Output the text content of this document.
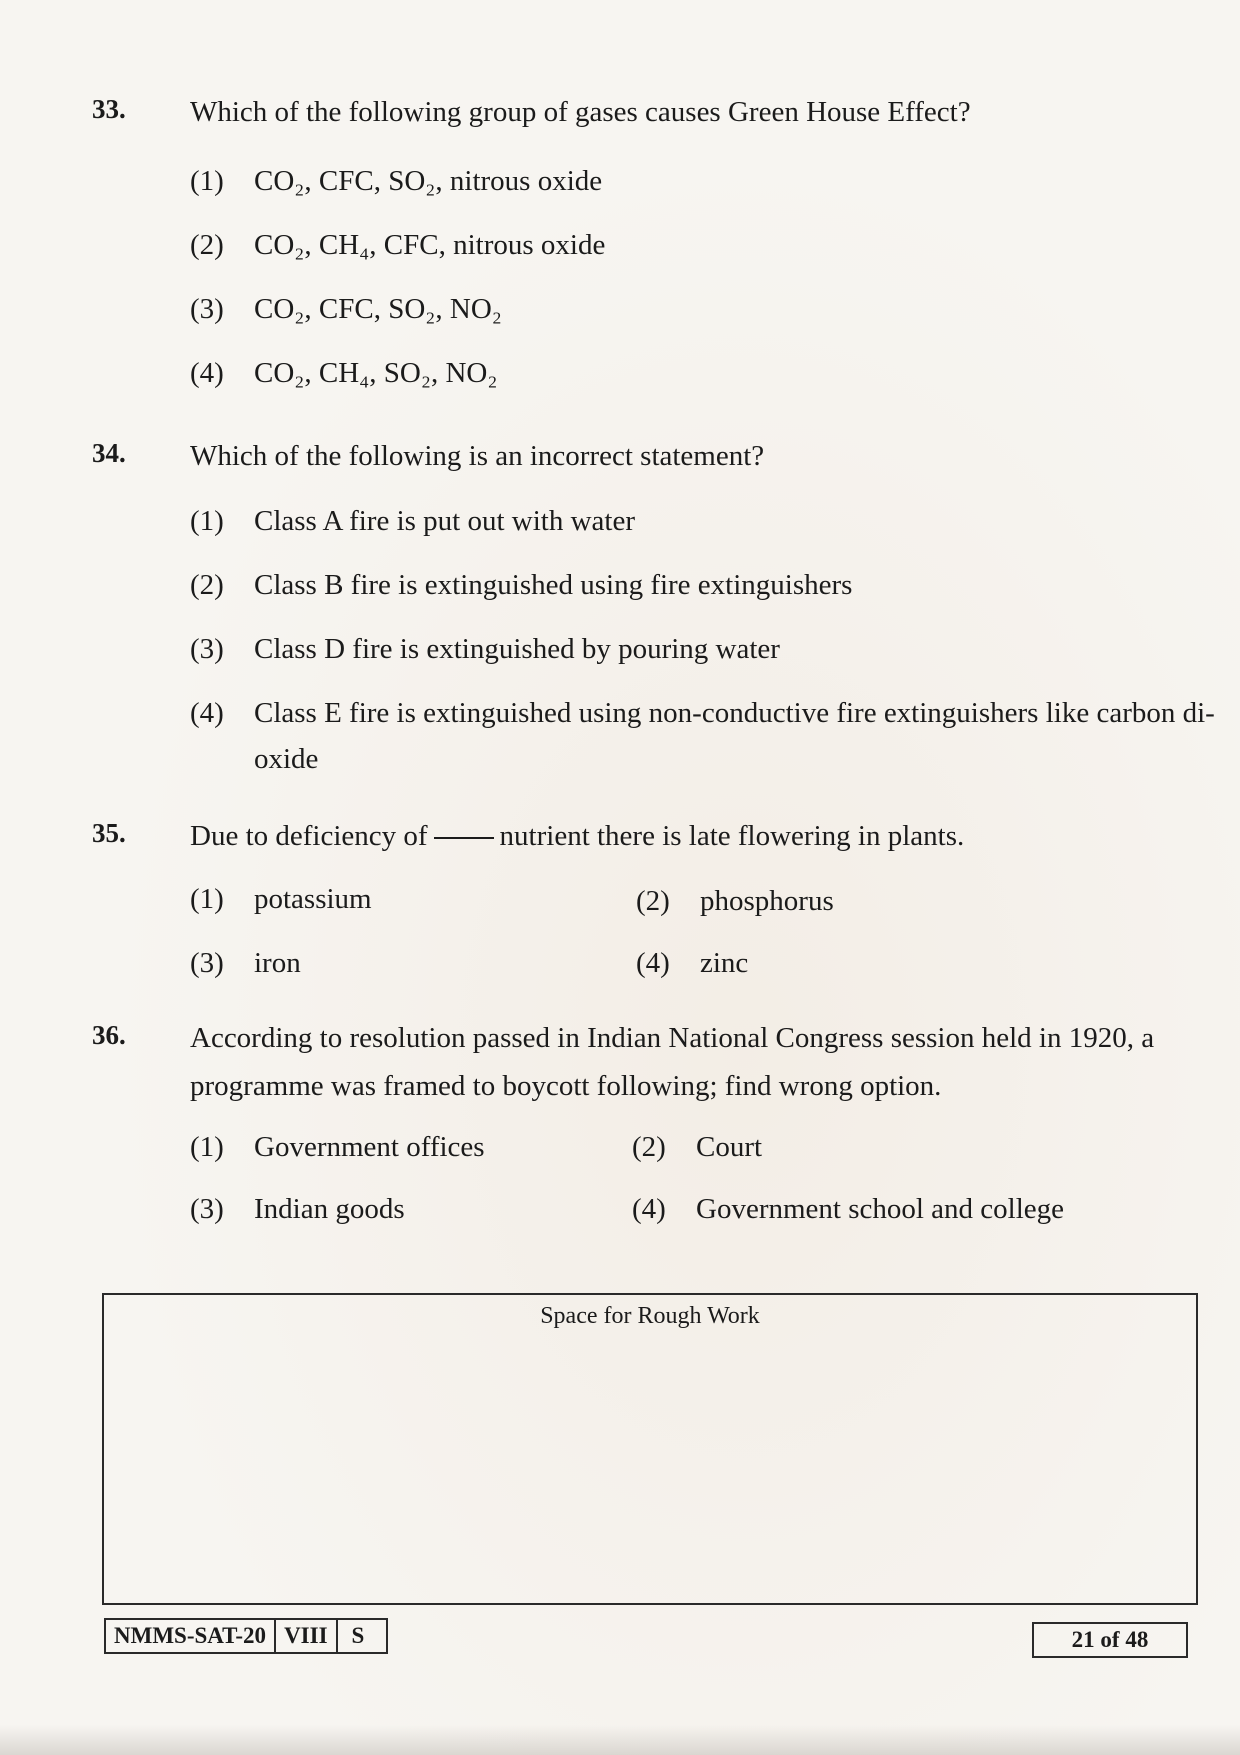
33. Which of the following group of gases causes Green House Effect?
(1) CO₂, CFC, SO₂, nitrous oxide
(2) CO₂, CH₄, CFC, nitrous oxide
(3) CO₂, CFC, SO₂, NO₂
(4) CO₂, CH₄, SO₂, NO₂
34. Which of the following is an incorrect statement?
(1) Class A fire is put out with water
(2) Class B fire is extinguished using fire extinguishers
(3) Class D fire is extinguished by pouring water
(4) Class E fire is extinguished using non-conductive fire extinguishers like carbon di-oxide
35. Due to deficiency of nutrient there is late flowering in plants.
(1) potassium	(2) phosphorus
(3) iron	(4) zinc
36. According to resolution passed in Indian National Congress session held in 1920, a programme was framed to boycott following; find wrong option.
(1) Government offices	(2) Court
(3) Indian goods	(4) Government school and college
Space for Rough Work
NMMS-SAT-20 VIII	S	21 of 48
